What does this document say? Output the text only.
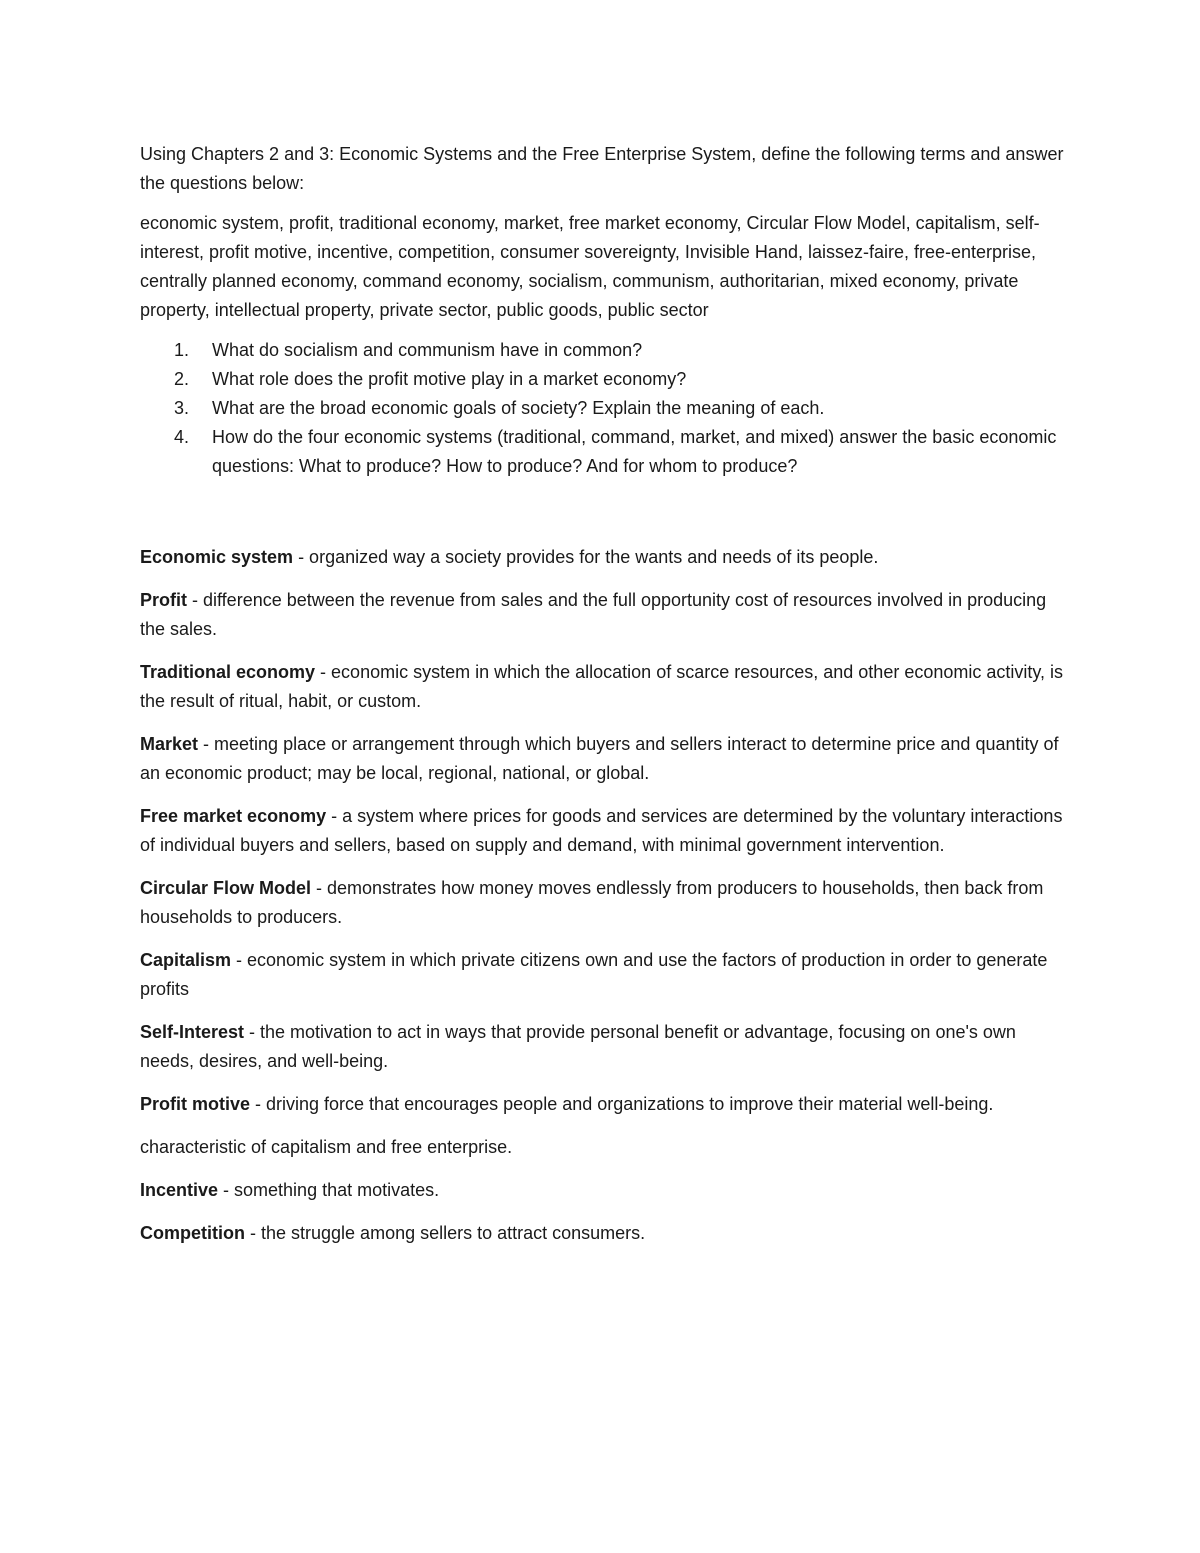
Using Chapters 2 and 3: Economic Systems and the Free Enterprise System, define the following terms and answer the questions below:

economic system, profit, traditional economy, market, free market economy, Circular Flow Model, capitalism, self-interest, profit motive, incentive, competition, consumer sovereignty, Invisible Hand, laissez-faire, free-enterprise, centrally planned economy, command economy, socialism, communism, authoritarian, mixed economy, private property, intellectual property, private sector, public goods, public sector

What do socialism and communism have in common?
What role does the profit motive play in a market economy?
What are the broad economic goals of society? Explain the meaning of each.
How do the four economic systems (traditional, command, market, and mixed) answer the basic economic questions: What to produce? How to produce? And for whom to produce?

Economic system - organized way a society provides for the wants and needs of its people.

Profit - difference between the revenue from sales and the full opportunity cost of resources involved in producing the sales.

Traditional economy - economic system in which the allocation of scarce resources, and other economic activity, is the result of ritual, habit, or custom.

Market - meeting place or arrangement through which buyers and sellers interact to determine price and quantity of an economic product; may be local, regional, national, or global.

Free market economy - a system where prices for goods and services are determined by the voluntary interactions of individual buyers and sellers, based on supply and demand, with minimal government intervention.

Circular Flow Model - demonstrates how money moves endlessly from producers to households, then back from households to producers.

Capitalism - economic system in which private citizens own and use the factors of production in order to generate profits

Self-Interest - the motivation to act in ways that provide personal benefit or advantage, focusing on one's own needs, desires, and well-being.

Profit motive - driving force that encourages people and organizations to improve their material well-being.

characteristic of capitalism and free enterprise.

Incentive - something that motivates.

Competition - the struggle among sellers to attract consumers.
